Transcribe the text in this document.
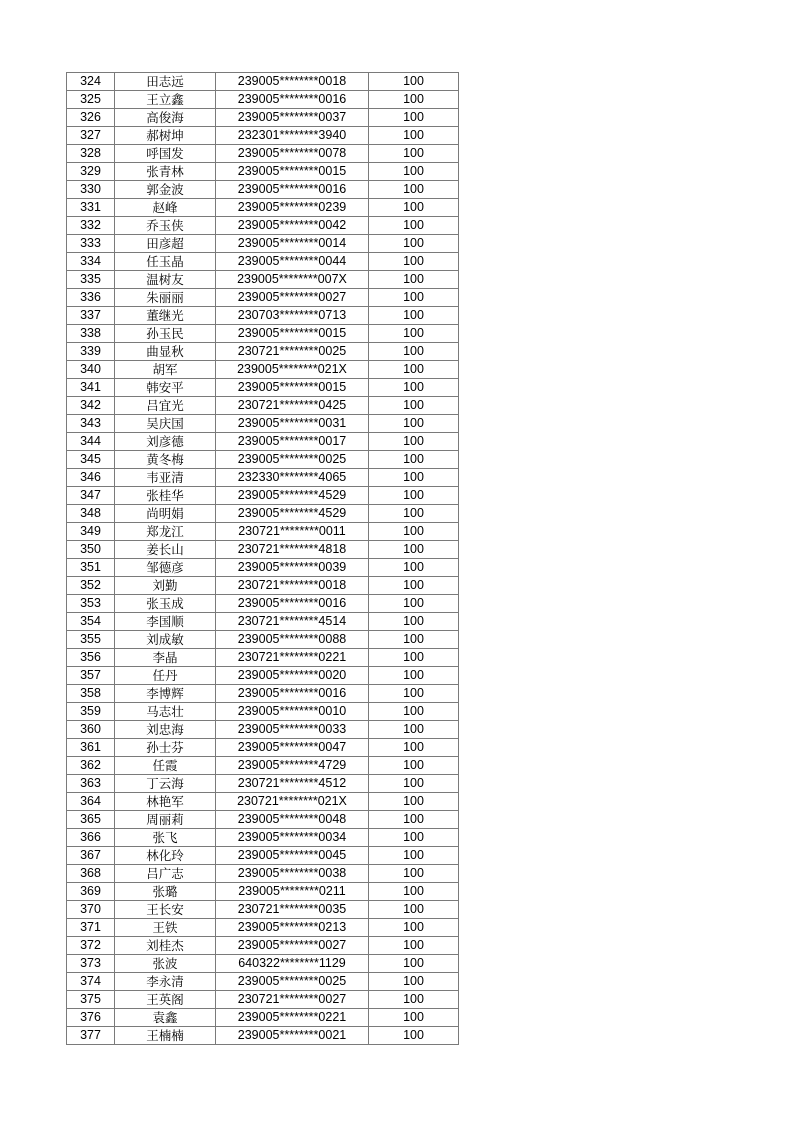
324	田志远	239005********0018	100
325	王立鑫	239005********0016	100
326	高俊海	239005********0037	100
327	郝树坤	232301********3940	100
328	呼国发	239005********0078	100
329	张青林	239005********0015	100
330	郭金波	239005********0016	100
331	赵峰	239005********0239	100
332	乔玉侠	239005********0042	100
333	田彦超	239005********0014	100
334	任玉晶	239005********0044	100
335	温树友	239005********007X	100
336	朱丽丽	239005********0027	100
337	董继光	230703********0713	100
338	孙玉民	239005********0015	100
339	曲显秋	230721********0025	100
340	胡军	239005********021X	100
341	韩安平	239005********0015	100
342	吕宜光	230721********0425	100
343	吴庆国	239005********0031	100
344	刘彦德	239005********0017	100
345	黄冬梅	239005********0025	100
346	韦亚清	232330********4065	100
347	张桂华	239005********4529	100
348	尚明娟	239005********4529	100
349	郑龙江	230721********0011	100
350	姜长山	230721********4818	100
351	邹德彦	239005********0039	100
352	刘勤	230721********0018	100
353	张玉成	239005********0016	100
354	李国顺	230721********4514	100
355	刘成敏	239005********0088	100
356	李晶	230721********0221	100
357	任丹	239005********0020	100
358	李博辉	239005********0016	100
359	马志壮	239005********0010	100
360	刘忠海	239005********0033	100
361	孙士芬	239005********0047	100
362	任霞	239005********4729	100
363	丁云海	230721********4512	100
364	林艳军	230721********021X	100
365	周丽莉	239005********0048	100
366	张飞	239005********0034	100
367	林化玲	239005********0045	100
368	吕广志	239005********0038	100
369	张璐	239005********0211	100
370	王长安	230721********0035	100
371	王铁	239005********0213	100
372	刘桂杰	239005********0027	100
373	张波	640322********1129	100
374	李永清	239005********0025	100
375	王英阁	230721********0027	100
376	袁鑫	239005********0221	100
377	王楠楠	239005********0021	100
